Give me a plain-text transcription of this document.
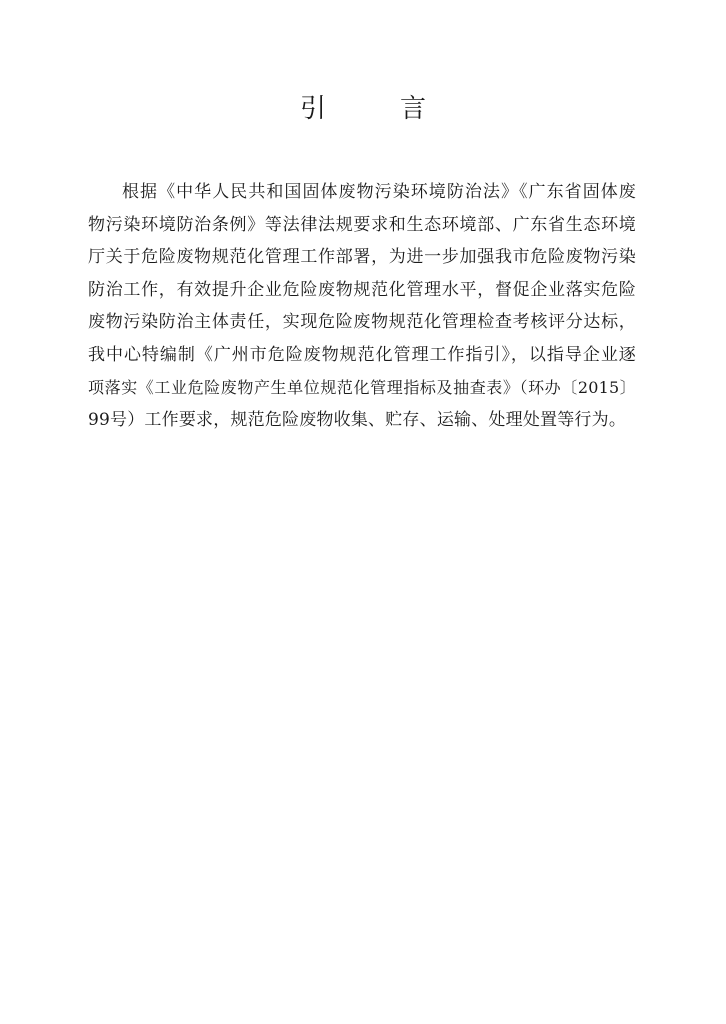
引　言
根据《中华人民共和国固体废物污染环境防治法》《广东省固体废
物污染环境防治条例》等法律法规要求和生态环境部、广东省生态环境
厅关于危险废物规范化管理工作部署，为进一步加强我市危险废物污染
防治工作，有效提升企业危险废物规范化管理水平，督促企业落实危险
废物污染防治主体责任，实现危险废物规范化管理检查考核评分达标，
我中心特编制《广州市危险废物规范化管理工作指引》，以指导企业逐
项落实《工业危险废物产生单位规范化管理指标及抽查表》（环办〔2015〕
99号）工作要求，规范危险废物收集、贮存、运输、处理处置等行为。
